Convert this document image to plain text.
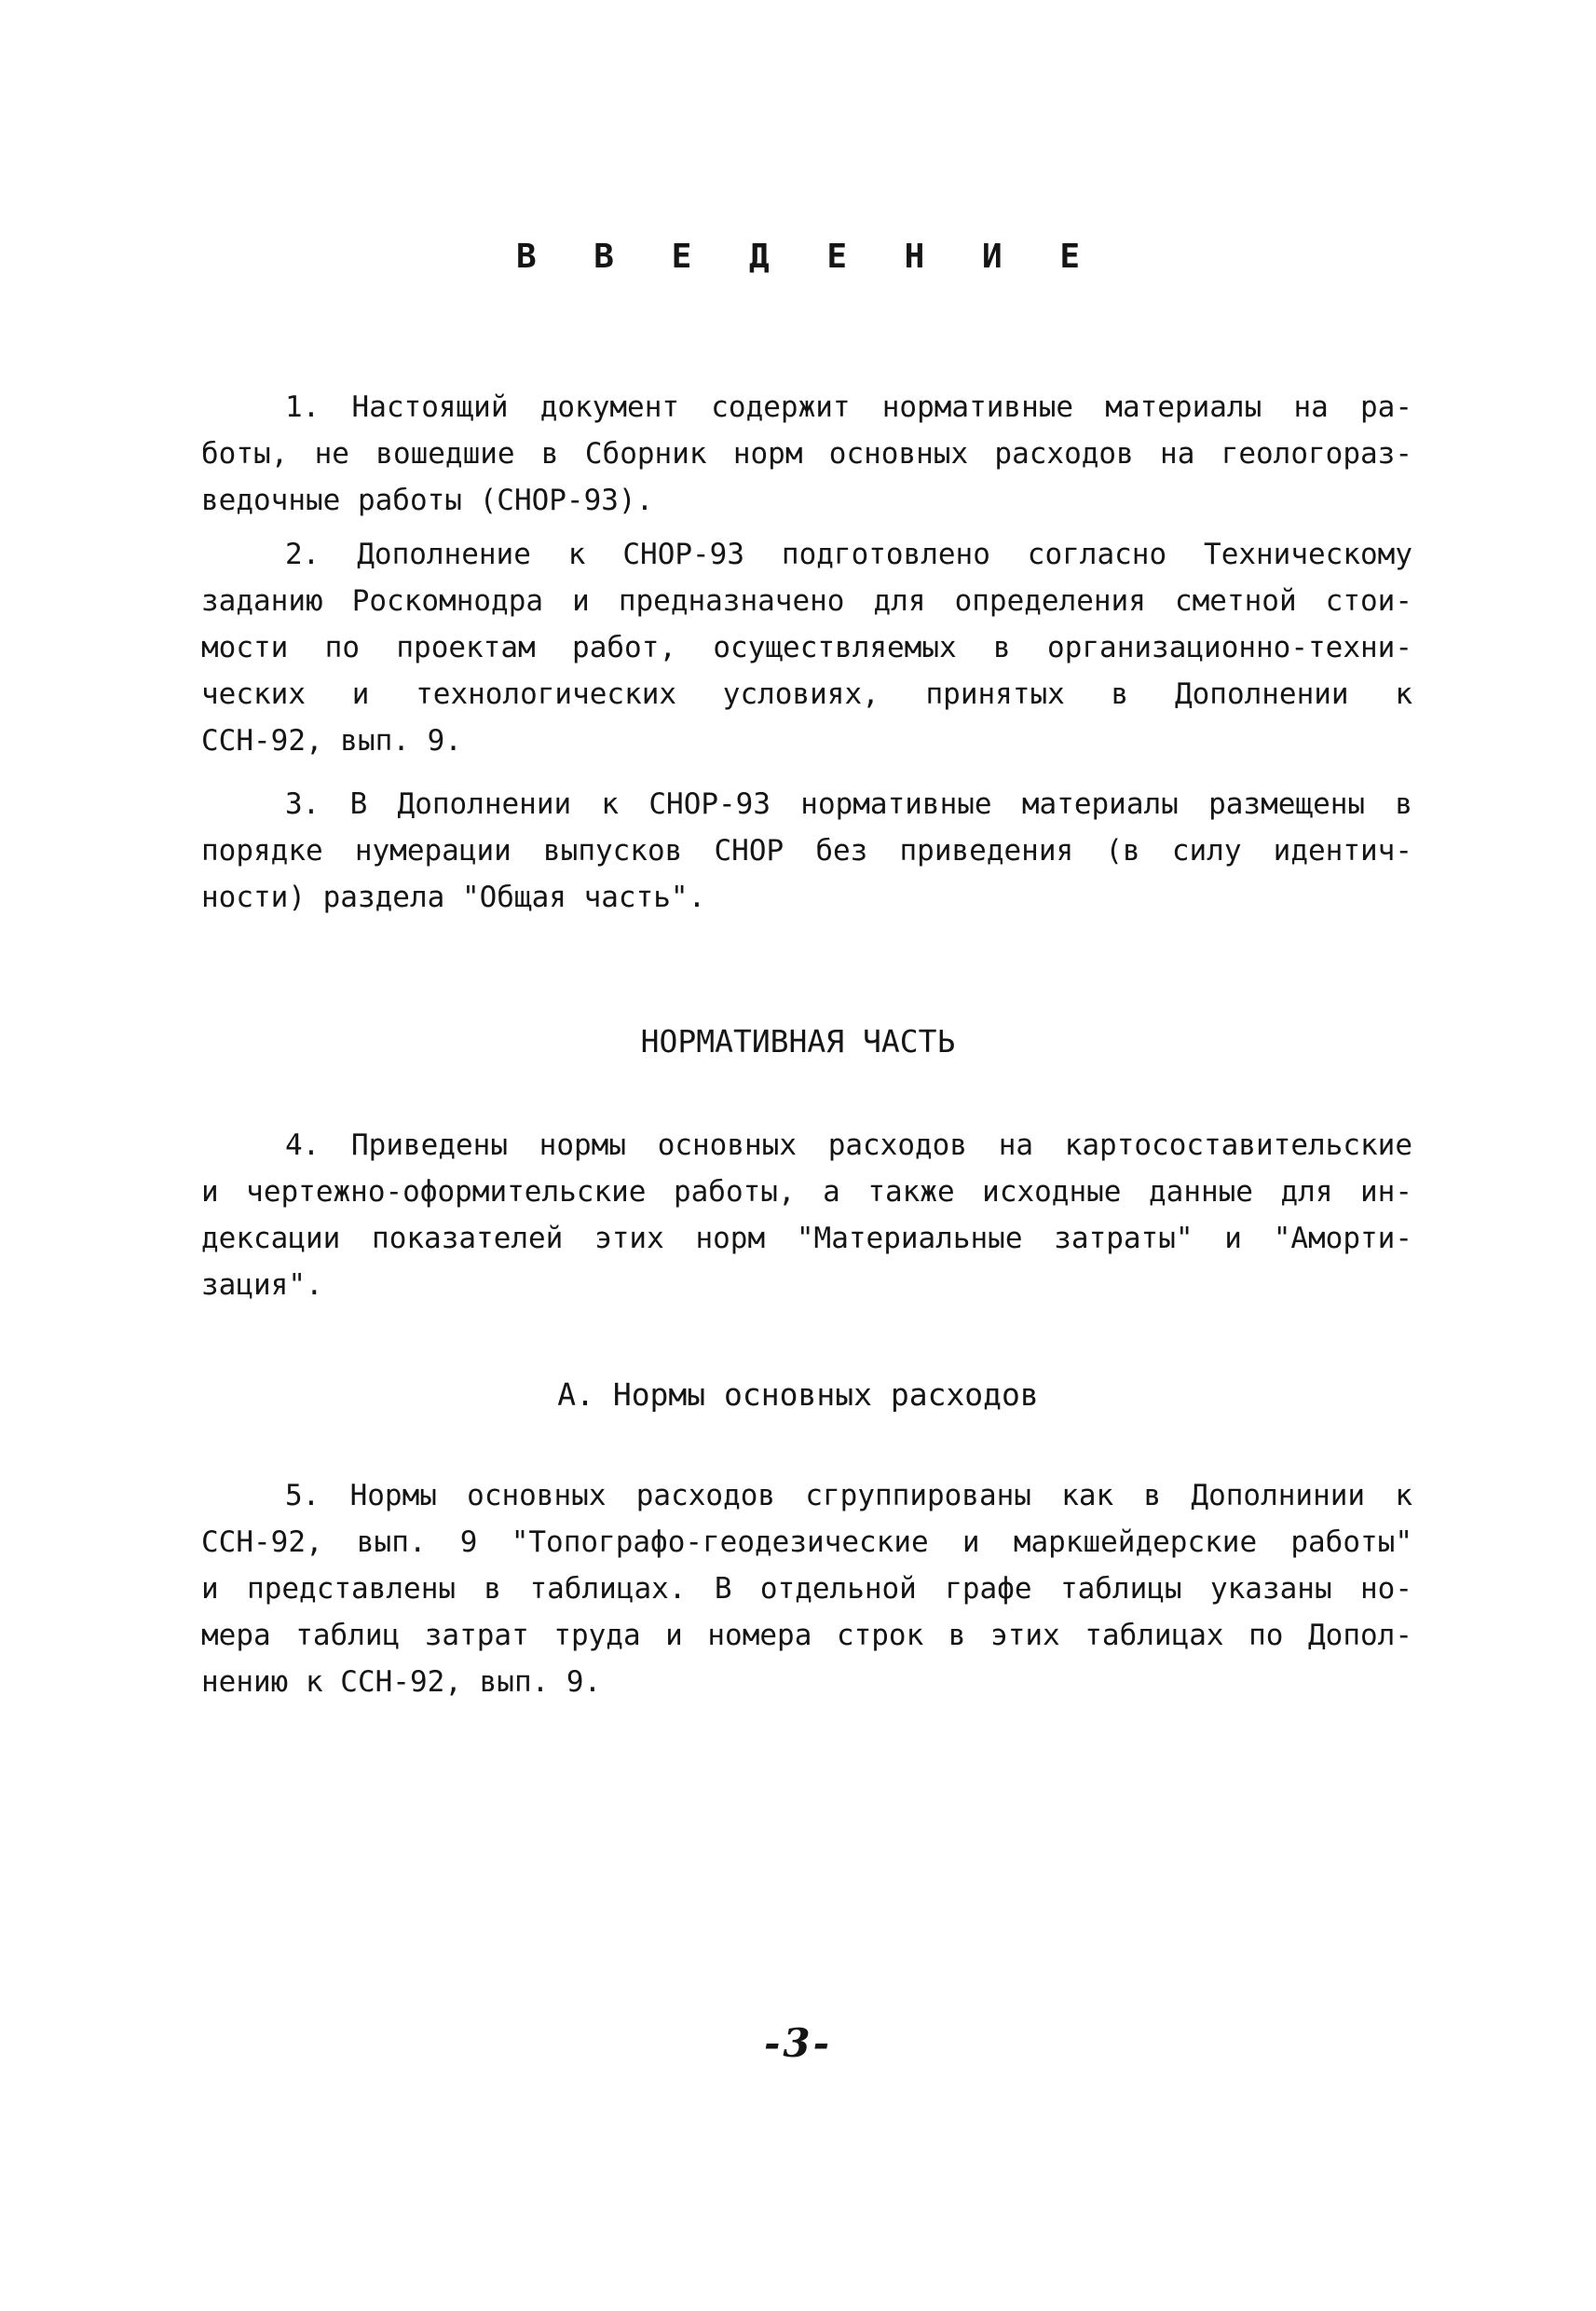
В В Е Д Е Н И Е
1. Настоящий документ содержит нормативные материалы на ра-
боты, не вошедшие в Сборник норм основных расходов на геологораз-
ведочные работы (СНОР-93).
2. Дополнение к СНОР-93 подготовлено согласно Техническому
заданию Роскомнодра и предназначено для определения сметной стои-
мости по проектам работ, осуществляемых в организационно-техни-
ческих и технологических условиях, принятых в Дополнении к
ССН-92, вып. 9.
3. В Дополнении к СНОР-93 нормативные материалы размещены в
порядке нумерации выпусков СНОР без приведения (в силу идентич-
ности) раздела "Общая часть".
НОРМАТИВНАЯ ЧАСТЬ
4. Приведены нормы основных расходов на картосоставительские
и чертежно-оформительские работы, а также исходные данные для ин-
дексации показателей этих норм "Материальные затраты" и "Аморти-
зация".
А. Нормы основных расходов
5. Нормы основных расходов сгруппированы как в Дополнинии к
ССН-92, вып. 9 "Топографо-геодезические и маркшейдерские работы"
и представлены в таблицах. В отдельной графе таблицы указаны но-
мера таблиц затрат труда и номера строк в этих таблицах по Допол-
нению к ССН-92, вып. 9.
-3-
